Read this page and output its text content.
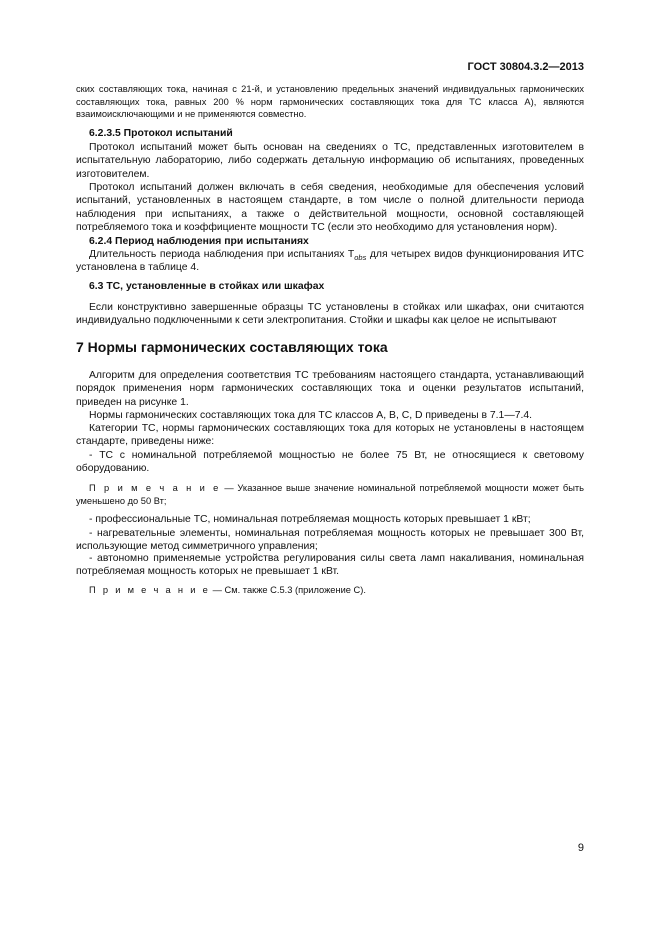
ГОСТ 30804.3.2—2013

ских составляющих тока, начиная с 21-й, и установлению предельных значений индивидуальных гармонических составляющих тока, равных 200 % норм гармонических составляющих тока для ТС класса А), являются взаимоисключающими и не применяются совместно.

6.2.3.5 Протокол испытаний

Протокол испытаний может быть основан на сведениях о ТС, представленных изготовителем в испытательную лабораторию, либо содержать детальную информацию об испытаниях, проведенных изготовителем.

Протокол испытаний должен включать в себя сведения, необходимые для обеспечения условий испытаний, установленных в настоящем стандарте, в том числе о полной длительности периода наблюдения при испытаниях, а также о действительной мощности, основной составляющей потребляемого тока и коэффициенте мощности ТС (если это необходимо для установления норм).

6.2.4 Период наблюдения при испытаниях

Длительность периода наблюдения при испытаниях $T_{obs}$ для четырех видов функционирования ИТС установлена в таблице 4.

6.3 ТС, установленные в стойках или шкафах

Если конструктивно завершенные образцы ТС установлены в стойках или шкафах, они считаются индивидуально подключенными к сети электропитания. Стойки и шкафы как целое не испытывают

7 Нормы гармонических составляющих тока

Алгоритм для определения соответствия ТС требованиям настоящего стандарта, устанавливающий порядок применения норм гармонических составляющих тока и оценки результатов испытаний, приведен на рисунке 1.

Нормы гармонических составляющих тока для ТС классов А, В, С, D приведены в 7.1—7.4.

Категории ТС, нормы гармонических составляющих тока для которых не установлены в настоящем стандарте, приведены ниже:

- ТС с номинальной потребляемой мощностью не более 75 Вт, не относящиеся к световому оборудованию.

П р и м е ч а н и е — Указанное выше значение номинальной потребляемой мощности может быть уменьшено до 50 Вт;

- профессиональные ТС, номинальная потребляемая мощность которых превышает 1 кВт;

- нагревательные элементы, номинальная потребляемая мощность которых не превышает 300 Вт, использующие метод симметричного управления;

- автономно применяемые устройства регулирования силы света ламп накаливания, номинальная потребляемая мощность которых не превышает 1 кВт.

П р и м е ч а н и е — См. также С.5.3 (приложение С).

9
